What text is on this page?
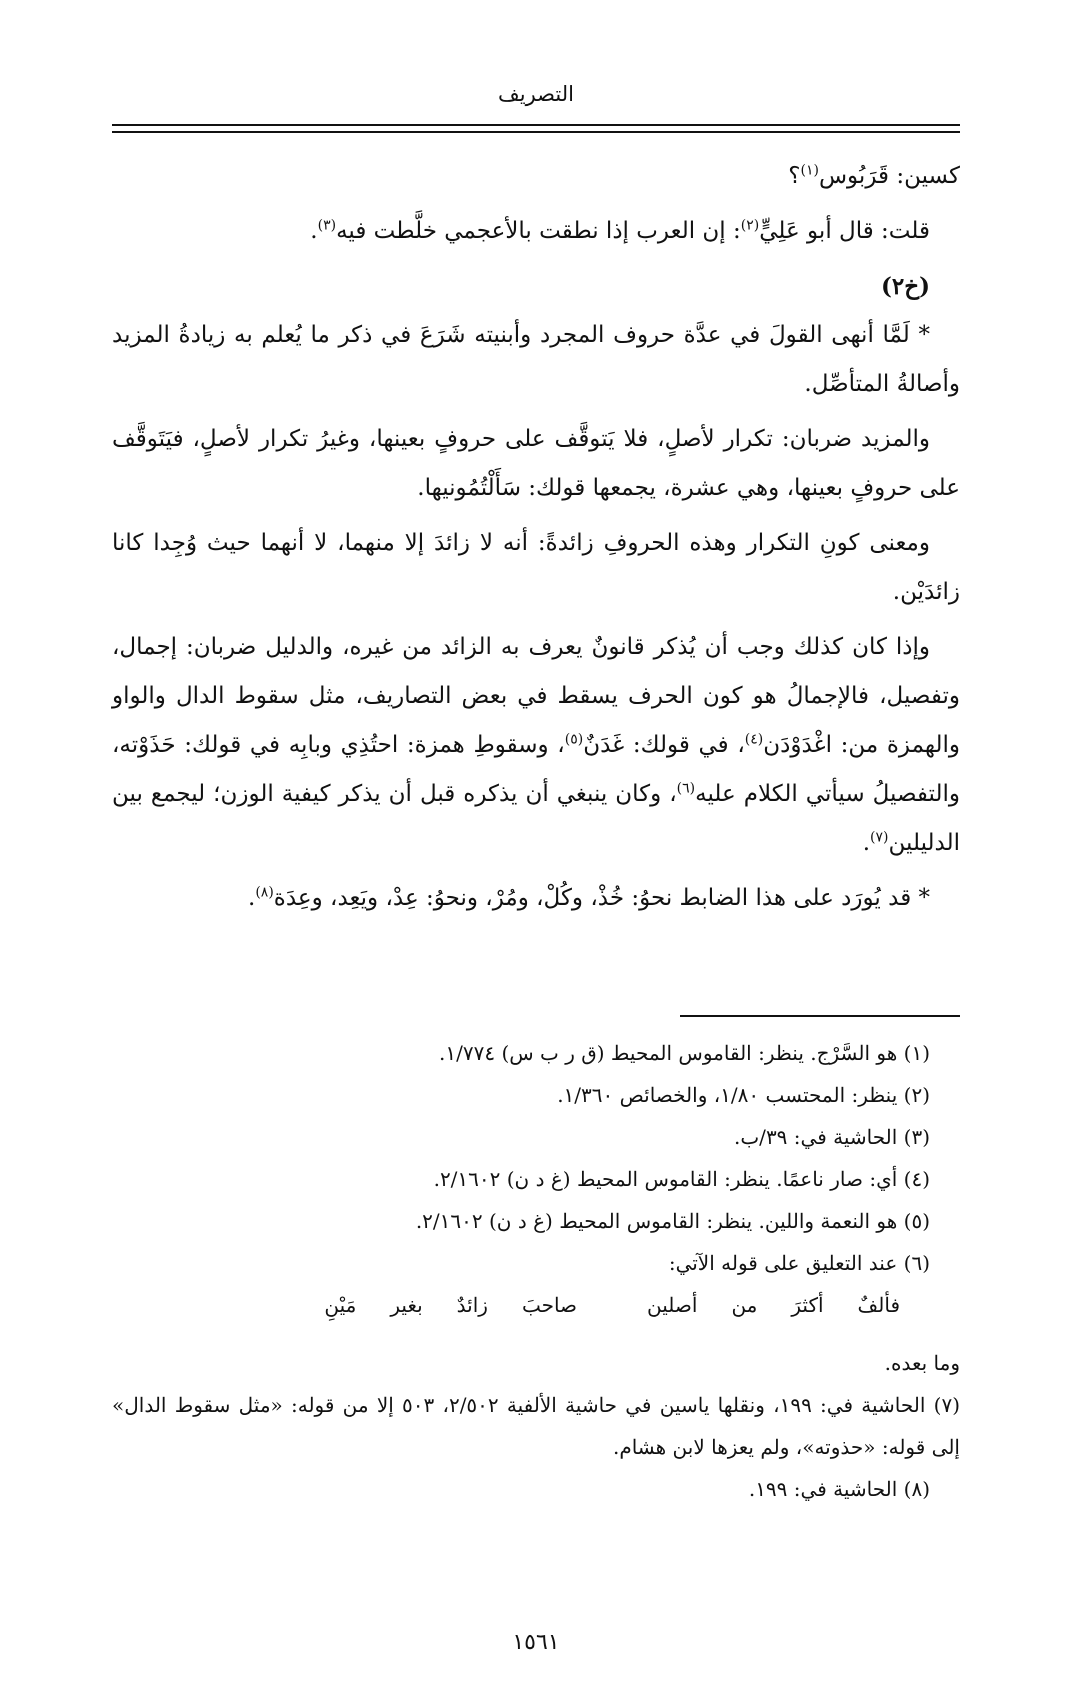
التصريف

كسين: قَرَبُوس$^{(١)}$؟

قلت: قال أبو عَلِيٍّ$^{(٢)}$: إن العرب إذا نطقت بالأعجمي خلَّطت فيه$^{(٣)}$.

(خ٢)

* لَمَّا أنهى القولَ في عدَّة حروف المجرد وأبنيته شَرَعَ في ذكر ما يُعلم به زيادةُ المزيد وأصالةُ المتأصِّل.

والمزيد ضربان: تكرار لأصلٍ، فلا يَتوقَّف على حروفٍ بعينها، وغيرُ تكرار لأصلٍ، فيَتَوقَّف على حروفٍ بعينها، وهي عشرة، يجمعها قولك: سَأَلْتُمُونيها.

ومعنى كونِ التكرار وهذه الحروفِ زائدةً: أنه لا زائدَ إلا منهما، لا أنهما حيث وُجِدا كانا زائدَيْن.

وإذا كان كذلك وجب أن يُذكر قانونٌ يعرف به الزائد من غيره، والدليل ضربان: إجمال، وتفصيل، فالإجمالُ هو كون الحرف يسقط في بعض التصاريف، مثل سقوط الدال والواو والهمزة من: اغْدَوْدَن$^{(٤)}$، في قولك: غَدَنٌ$^{(٥)}$، وسقوطِ همزة: احتُذِي وبابِه في قولك: حَذَوْته، والتفصيلُ سيأتي الكلام عليه$^{(٦)}$، وكان ينبغي أن يذكره قبل أن يذكر كيفية الوزن؛ ليجمع بين الدليلين$^{(٧)}$.

* قد يُورَد على هذا الضابط نحوُ: خُذْ، وكُلْ، ومُرْ، ونحوُ: عِدْ، ويَعِد، وعِدَة$^{(٨)}$.

(١) هو السَّرْج. ينظر: القاموس المحيط (ق ر ب س) ١/٧٧٤.

(٢) ينظر: المحتسب ١/٨٠، والخصائص ١/٣٦٠.

(٣) الحاشية في: ٣٩/ب.

(٤) أي: صار ناعمًا. ينظر: القاموس المحيط (غ د ن) ٢/١٦٠٢.

(٥) هو النعمة واللين. ينظر: القاموس المحيط (غ د ن) ٢/١٦٠٢.

(٦) عند التعليق على قوله الآتي:

فألفٌ
أكثرَ
من
أصلين
صاحبَ
زائدٌ
بغير
مَيْنِ

وما بعده.

(٧) الحاشية في: ١٩٩، ونقلها ياسين في حاشية الألفية ٢/٥٠٢، ٥٠٣ إلا من قوله: «مثل سقوط الدال» إلى قوله: «حذوته»، ولم يعزها لابن هشام.

(٨) الحاشية في: ١٩٩.

١٥٦١
